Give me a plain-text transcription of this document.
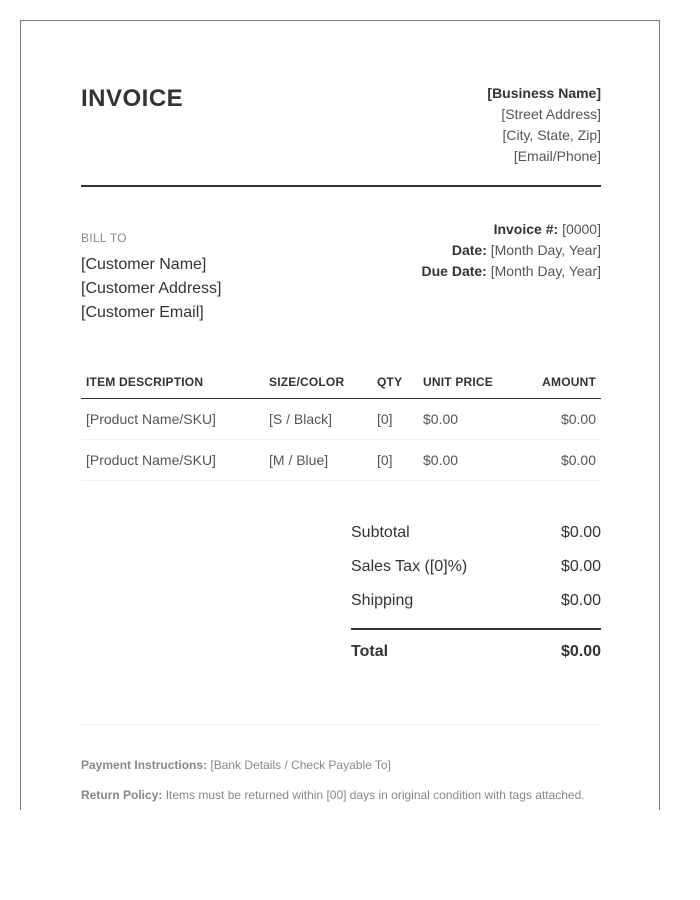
INVOICE	[Business Name]
[Street Address]
[City, State, Zip]
[Email/Phone]
BILL TO
[Customer Name]
[Customer Address]
[Customer Email]
Invoice #: [0000]
Date: [Month Day, Year]
Due Date: [Month Day, Year]
ITEM DESCRIPTION	SIZE/COLOR	QTY	UNIT PRICE	AMOUNT
[Product Name/SKU]	[S / Black]	[0]	$0.00	$0.00
[Product Name/SKU]	[M / Blue]	[0]	$0.00	$0.00
Subtotal	$0.00
Sales Tax ([0]%)	$0.00
Shipping	$0.00
Total	$0.00
Payment Instructions: [Bank Details / Check Payable To]
Return Policy: Items must be returned within [00] days in original condition with tags attached.
